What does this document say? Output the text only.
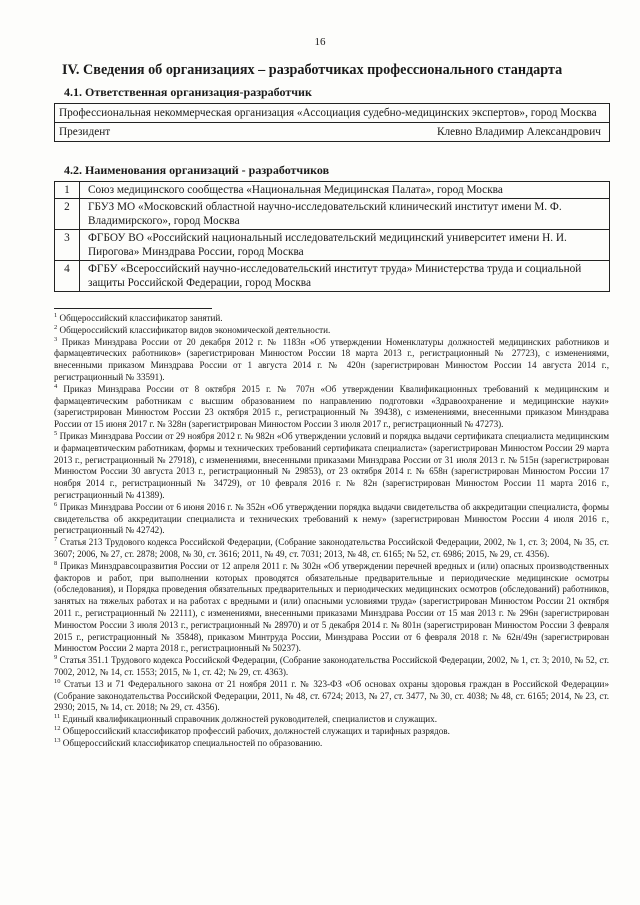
16
IV. Сведения об организациях – разработчиках профессионального стандарта
4.1. Ответственная организация-разработчик
Профессиональная некоммерческая организация «Ассоциация судебно-медицинских экспертов», город Москва
Президент	Клевно Владимир Александрович
4.2. Наименования организаций - разработчиков
1	Союз медицинского сообщества «Национальная Медицинская Палата», город Москва
2	ГБУЗ МО «Московский областной научно-исследовательский клинический институт имени М. Ф. Владимирского», город Москва
3	ФГБОУ ВО «Российский национальный исследовательский медицинский университет имени Н. И. Пирогова» Минздрава России, город Москва
4	ФГБУ «Всероссийский научно-исследовательский институт труда» Министерства труда и социальной защиты Российской Федерации, город Москва

$^1$ Общероссийский классификатор занятий.

$^2$ Общероссийский классификатор видов экономической деятельности.

$^3$ Приказ Минздрава России от 20 декабря 2012 г. № 1183н «Об утверждении Номенклатуры должностей медицинских работников и фармацевтических работников» (зарегистрирован Минюстом России 18 марта 2013 г., регистрационный № 27723), с изменениями, внесенными приказом Минздрава России от 1 августа 2014 г. № 420н (зарегистрирован Минюстом России 14 августа 2014 г., регистрационный № 33591).

$^4$ Приказ Минздрава России от 8 октября 2015 г. № 707н «Об утверждении Квалификационных требований к медицинским и фармацевтическим работникам с высшим образованием по направлению подготовки «Здравоохранение и медицинские науки» (зарегистрирован Минюстом России 23 октября 2015 г., регистрационный № 39438), с изменениями, внесенными приказом Минздрава России от 15 июня 2017 г. № 328н (зарегистрирован Минюстом России 3 июля 2017 г., регистрационный № 47273).

$^5$ Приказ Минздрава России от 29 ноября 2012 г. № 982н «Об утверждении условий и порядка выдачи сертификата специалиста медицинским и фармацевтическим работникам, формы и технических требований сертификата специалиста» (зарегистрирован Минюстом России 29 марта 2013 г., регистрационный № 27918), с изменениями, внесенными приказами Минздрава России от 31 июля 2013 г. № 515н (зарегистрирован Минюстом России 30 августа 2013 г., регистрационный № 29853), от 23 октября 2014 г. № 658н (зарегистрирован Минюстом России 17 ноября 2014 г., регистрационный № 34729), от 10 февраля 2016 г. № 82н (зарегистрирован Минюстом России 11 марта 2016 г., регистрационный № 41389).

$^6$ Приказ Минздрава России от 6 июня 2016 г. № 352н «Об утверждении порядка выдачи свидетельства об аккредитации специалиста, формы свидетельства об аккредитации специалиста и технических требований к нему» (зарегистрирован Минюстом России 4 июля 2016 г., регистрационный № 42742).

$^7$ Статья 213 Трудового кодекса Российской Федерации, (Собрание законодательства Российской Федерации, 2002, № 1, ст. 3; 2004, № 35, ст. 3607; 2006, № 27, ст. 2878; 2008, № 30, ст. 3616; 2011, № 49, ст. 7031; 2013, № 48, ст. 6165; № 52, ст. 6986; 2015, № 29, ст. 4356).

$^8$ Приказ Минздравсоцразвития России от 12 апреля 2011 г. № 302н «Об утверждении перечней вредных и (или) опасных производственных факторов и работ, при выполнении которых проводятся обязательные предварительные и периодические медицинские осмотры (обследования), и Порядка проведения обязательных предварительных и периодических медицинских осмотров (обследований) работников, занятых на тяжелых работах и на работах с вредными и (или) опасными условиями труда» (зарегистрирован Минюстом России 21 октября 2011 г., регистрационный № 22111), с изменениями, внесенными приказами Минздрава России от 15 мая 2013 г. № 296н (зарегистрирован Минюстом России 3 июля 2013 г., регистрационный № 28970) и от 5 декабря 2014 г. № 801н (зарегистрирован Минюстом России 3 февраля 2015 г., регистрационный № 35848), приказом Минтруда России, Минздрава России от 6 февраля 2018 г. № 62н/49н (зарегистрирован Минюстом России 2 марта 2018 г., регистрационный № 50237).

$^9$ Статья 351.1 Трудового кодекса Российской Федерации, (Собрание законодательства Российской Федерации, 2002, № 1, ст. 3; 2010, № 52, ст. 7002, 2012, № 14, ст. 1553; 2015, № 1, ст. 42; № 29, ст. 4363).

$^{10}$ Статьи 13 и 71 Федерального закона от 21 ноября 2011 г. № 323-ФЗ «Об основах охраны здоровья граждан в Российской Федерации» (Собрание законодательства Российской Федерации, 2011, № 48, ст. 6724; 2013, № 27, ст. 3477, № 30, ст. 4038; № 48, ст. 6165; 2014, № 23, ст. 2930; 2015, № 14, ст. 2018; № 29, ст. 4356).

$^{11}$ Единый квалификационный справочник должностей руководителей, специалистов и служащих.

$^{12}$ Общероссийский классификатор профессий рабочих, должностей служащих и тарифных разрядов.

$^{13}$ Общероссийский классификатор специальностей по образованию.
